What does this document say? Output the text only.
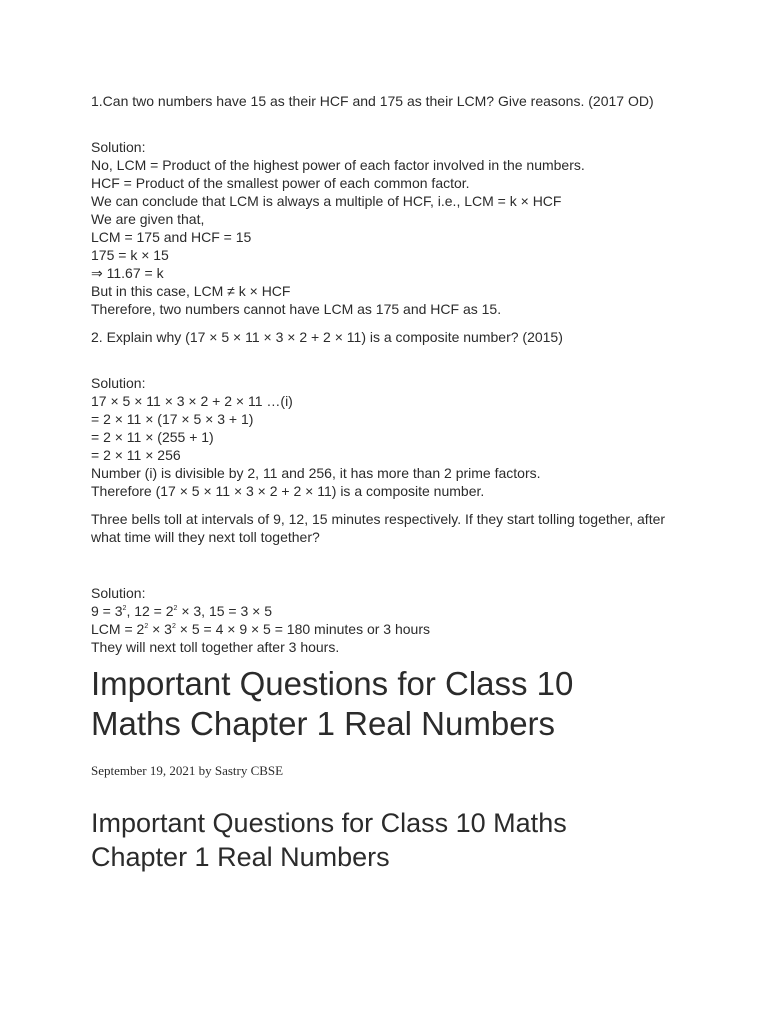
1.Can two numbers have 15 as their HCF and 175 as their LCM? Give reasons. (2017 OD)

Solution:
No, LCM = Product of the highest power of each factor involved in the numbers.
HCF = Product of the smallest power of each common factor.
We can conclude that LCM is always a multiple of HCF, i.e., LCM = k × HCF
We are given that,
LCM = 175 and HCF = 15
175 = k × 15
⇒ 11.67 = k
But in this case, LCM ≠ k × HCF
Therefore, two numbers cannot have LCM as 175 and HCF as 15.

2. Explain why (17 × 5 × 11 × 3 × 2 + 2 × 11) is a composite number? (2015)

Solution:
17 × 5 × 11 × 3 × 2 + 2 × 11 …(i)
= 2 × 11 × (17 × 5 × 3 + 1)
= 2 × 11 × (255 + 1)
= 2 × 11 × 256
Number (i) is divisible by 2, 11 and 256, it has more than 2 prime factors.
Therefore (17 × 5 × 11 × 3 × 2 + 2 × 11) is a composite number.

Three bells toll at intervals of 9, 12, 15 minutes respectively. If they start tolling together, after what time will they next toll together?

Solution:
$9 = 3^2$, $12 = 2^2 \times 3$, 15 = 3 × 5
LCM = $2^2 \times 3^2 \times 5 = 4 \times 9 \times 5 = 180$ minutes or 3 hours
They will next toll together after 3 hours.
Important Questions for Class 10 Maths Chapter 1 Real Numbers

September 19, 2021 by Sastry CBSE

Important Questions for Class 10 Maths Chapter 1 Real Numbers
